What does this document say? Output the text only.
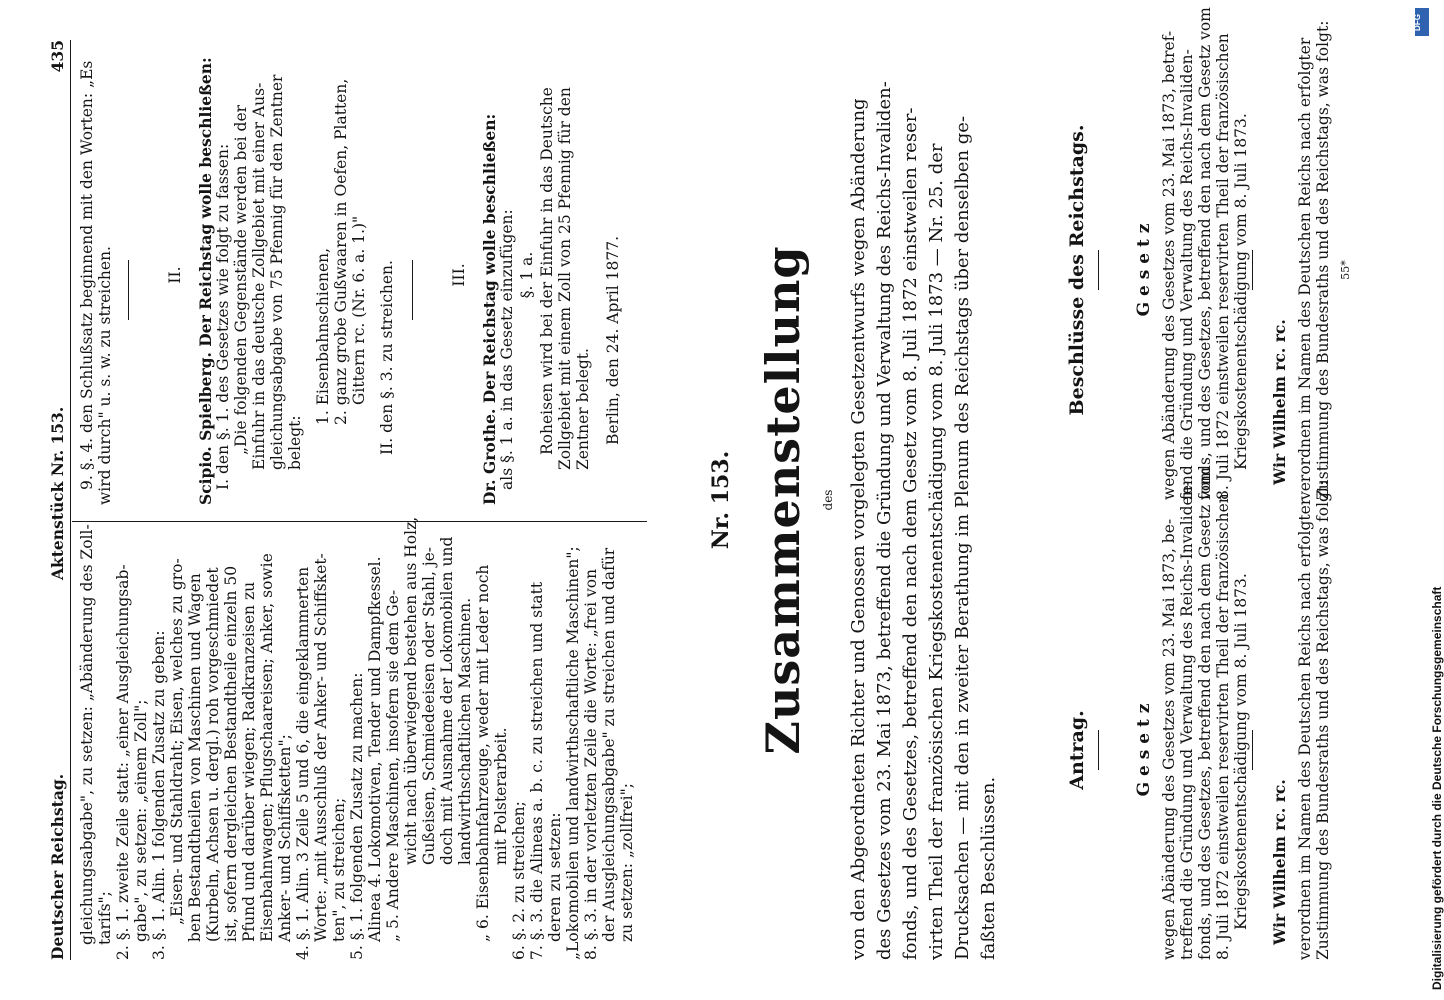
Deutscher Reichstag.
Aktenstück Nr. 153.
435
gleichungsabgabe", zu setzen: „Abänderung des Zoll- tarifs"; 2. §. 1. zweite Zeile statt: „einer Ausgleichungsab- gabe", zu setzen: „einem Zoll"; 3. §. 1. Alin. 1 folgenden Zusatz zu geben: „Eisen- und Stahldraht; Eisen, welches zu gro- ben Bestandtheilen von Maschinen und Wagen (Kurbeln, Achsen u. dergl.) roh vorgeschmiedet ist, sofern dergleichen Bestandtheile einzeln 50 Pfund und darüber wiegen; Radkranzeisen zu Eisenbahnwagen; Pflugschaareisen; Anker, sowie Anker- und Schiffsketten"; 4. §. 1. Alin. 3 Zeile 5 und 6, die eingeklammerten Worte: „mit Ausschluß der Anker- und Schiffsket- ten", zu streichen; 5. §. 1. folgenden Zusatz zu machen: Alinea 4. Lokomotiven, Tender und Dampfkessel. „ 5. Andere Maschinen, insofern sie dem Ge- wicht nach überwiegend bestehen aus Holz, Gußeisen, Schmiedeeisen oder Stahl, je- doch mit Ausnahme der Lokomobilen und landwirthschaftlichen Maschinen. „ 6. Eisenbahnfahrzeuge, weder mit Leder noch mit Polsterarbeit.
6. §. 2. zu streichen; 7. §. 3. die Alineas a. b. c. zu streichen und statt deren zu setzen: „Lokomobilen und landwirthschaftliche Maschinen"; 8. §. 3. in der vorletzten Zeile die Worte: „frei von der Ausgleichungsabgabe" zu streichen und dafür zu setzen: „zollfrei";
9. §. 4. den Schlußsatz beginnend mit den Worten: „Es wird durch" u. s. w. zu streichen.	II. Scipio. Spielberg. Der Reichstag wolle beschließen: I. den §. 1. des Gesetzes wie folgt zu fassen: „Die folgenden Gegenstände werden bei der Einfuhr in das deutsche Zollgebiet mit einer Aus- gleichungsabgabe von 75 Pfennig für den Zentner belegt:
1. Eisenbahnschienen, 2. ganz grobe Gußwaaren in Oefen, Platten, Gittern rc. (Nr. 6. a. 1.)" II. den §. 3. zu streichen.	III. Dr. Grothe. Der Reichstag wolle beschließen: als §. 1 a. in das Gesetz einzufügen: §. 1 a. Roheisen wird bei der Einfuhr in das Deutsche Zollgebiet mit einem Zoll von 25 Pfennig für den Zentner belegt. Berlin, den 24. April 1877.
Nr. 153. Zusammenstellung des von den Abgeordneten Richter und Genossen vorgelegten Gesetzentwurfs wegen Abänderung des Gesetzes vom 23. Mai 1873, betreffend die Gründung und Verwaltung des Reichs-Invaliden- fonds, und des Gesetzes, betreffend den nach dem Gesetz vom 8. Juli 1872 einstweilen reser- virten Theil der französischen Kriegskostenentschädigung vom 8. Juli 1873 — Nr. 25. der Drucksachen — mit den in zweiter Berathung im Plenum des Reichstags über denselben ge- faßten Beschlüssen.
Antrag.	G e s e t z wegen Abänderung des Gesetzes vom 23. Mai 1873, be- treffend die Gründung und Verwaltung des Reichs-Invaliden- fonds, und des Gesetzes, betreffend den nach dem Gesetz vom 8. Juli 1872 einstweilen reservirten Theil der französischen Kriegskostenentschädigung vom 8. Juli 1873. Wir Wilhelm rc. rc. verordnen im Namen des Deutschen Reichs nach erfolgter Zustimmung des Bundesraths und des Reichstags, was folgt:
Beschlüsse des Reichstags.	G e s e t z wegen Abänderung des Gesetzes vom 23. Mai 1873, betref- fend die Gründung und Verwaltung des Reichs-Invaliden- fonds, und des Gesetzes, betreffend den nach dem Gesetz vom 8. Juli 1872 einstweilen reservirten Theil der französischen Kriegskostenentschädigung vom 8. Juli 1873. Wir Wilhelm rc. rc. verordnen im Namen des Deutschen Reichs nach erfolgter Zustimmung des Bundesraths und des Reichstags, was folgt: 55*
Digitalisierung gefördert durch die Deutsche Forschungsgemeinschaft
DFG
